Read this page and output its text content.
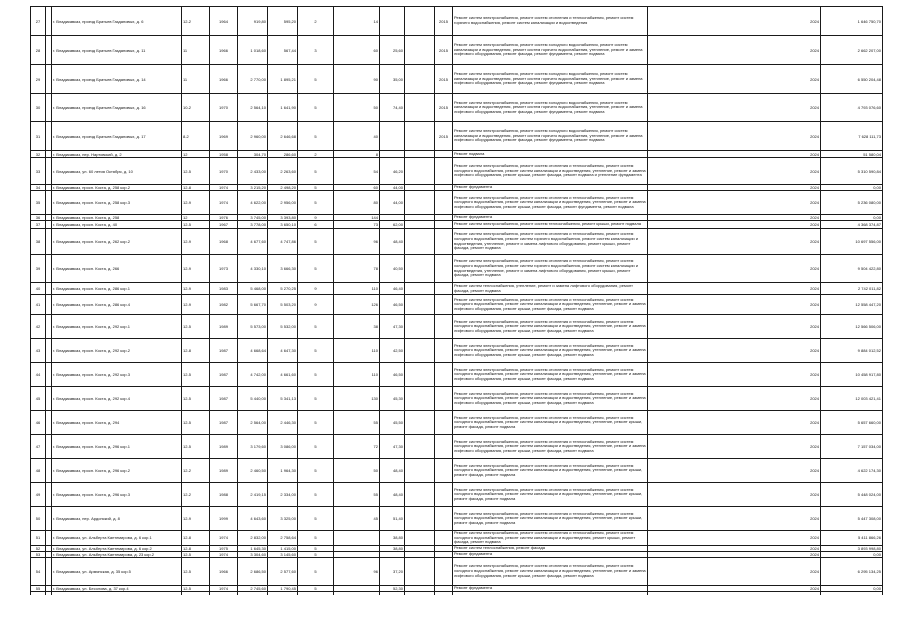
27		г. Владикавказ, проезд Братьев Газдановых, д. 6	12-2	1964	919,80	595,20	2	14			2015	Ремонт систем электроснабжения, ремонт систем отопления и теплоснабжения, ремонт систем горячего водоснабжения, ремонт систем канализации и водоотведения	2024	1 646 750,70
28		г. Владикавказ, проезд Братьев Газдановых, д. 11	11	1966	1 018,60	567,44	3	60	25,60		2015	Ремонт систем электроснабжения, ремонт систем холодного водоснабжения, ремонт систем канализации и водоотведения, ремонт систем горячего водоснабжения, утепление, ремонт и замена лифтового оборудования, ремонт фасада, ремонт фундамента, ремонт подвала	2024	2 662 207,00
29		г. Владикавказ, проезд Братьев Газдановых, д. 14	11	1966	2 770,00	1 895,21	5	90	35,00		2015	Ремонт систем электроснабжения, ремонт систем холодного водоснабжения, ремонт систем канализации и водоотведения, ремонт систем горячего водоснабжения, утепление, ремонт и замена лифтового оборудования, ремонт фасада, ремонт фундамента, ремонт подвала	2024	6 550 204,48
30		г. Владикавказ, проезд Братьев Газдановых, д. 16	10-2	1970	2 564,10	1 641,90	5	50	74,40		2015	Ремонт систем электроснабжения, ремонт систем холодного водоснабжения, ремонт систем канализации и водоотведения, ремонт систем горячего водоснабжения, утепление, ремонт и замена лифтового оборудования, ремонт фасада, ремонт фундамента, ремонт подвала	2024	4 793 076,60
31		г. Владикавказ, проезд Братьев Газдановых, д. 17	8-2	1969	2 960,00	2 646,68	5	40			2015	Ремонт систем электроснабжения, ремонт систем холодного водоснабжения, ремонт систем канализации и водоотведения, ремонт систем горячего водоснабжения, утепление, ремонт и замена лифтового оборудования, ремонт фасада, ремонт фундамента, ремонт подвала	2024	7 628 111,73
32		г. Владикавказ, пер. Нартовский, д. 2	12	1958	304,70	286,60	2	8				Ремонт подвала	2024	51 580,04
33		г. Владикавказ, ул. 60 летия Октября, д. 10	12-5	1970	2 433,00	2 263,60	5	54	46,20			Ремонт систем электроснабжения, ремонт систем отопления и теплоснабжения, ремонт систем холодного водоснабжения, ремонт систем канализации и водоотведения, утепление, ремонт и замена лифтового оборудования, ремонт крыши, ремонт фасада, ремонт подвала и утепление фундамента	2024	5 310 590,84
34		г. Владикавказ, просп. Коста, д. 258 кор.2	12-8	1974	3 215,20	2 498,20	5	60	44,00			Ремонт фундамента	2024	0,00
35		г. Владикавказ, просп. Коста, д. 258 кор.3	12-9	1974	4 622,00	2 956,00	5	80	44,00			Ремонт систем электроснабжения, ремонт систем отопления и теплоснабжения, ремонт систем холодного водоснабжения, ремонт систем канализации и водоотведения, утепление, ремонт и замена лифтового оборудования, ремонт крыши, ремонт фасада, ремонт фундамента, ремонт подвала	2024	5 236 080,00
36		г. Владикавказ, просп. Коста, д. 258	12	1976	3 745,00	3 393,80	9	144				Ремонт фундамента	2024	0,00
37		г. Владикавказ, просп. Коста, д. 40	12-5	1967	3 778,00	3 650,10	6	73	62,00			Ремонт систем электроснабжения, ремонт систем теплоснабжения, ремонт крыши, ремонт подвала	2024	4 368 374,87
38		г. Владикавказ, просп. Коста, д. 262 кор.2	12-9	1968	4 677,60	4 747,86	5	96	48,40			Ремонт систем электроснабжения, ремонт систем отопления и теплоснабжения, ремонт систем холодного водоснабжения, ремонт систем горячего водоснабжения, ремонт систем канализации и водоотведения, утепление, ремонт и замена лифтового оборудования, ремонт крыши, ремонт фасада, ремонт подвала	2024	10 697 556,00
39		г. Владикавказ, просп. Коста, д. 266	12-9	1973	4 330,10	3 666,30	5	78	40,50			Ремонт систем электроснабжения, ремонт систем отопления и теплоснабжения, ремонт систем холодного водоснабжения, ремонт систем горячего водоснабжения, ремонт систем канализации и водоотведения, утепление, ремонт и замена лифтового оборудования, ремонт крыши, ремонт фасада, ремонт подвала	2024	9 504 422,80
40		г. Владикавказ, просп. Коста, д. 286 кор.1	12-9	1983	5 468,00	5 270,25	9	110	46,40			Ремонт систем теплоснабжения, утепление, ремонт и замена лифтового оборудования, ремонт фасада, ремонт подвала	2024	2 742 011,82
41		г. Владикавказ, просп. Коста, д. 286 кор.4	12-9	1982	5 667,70	5 503,20	9	126	46,50			Ремонт систем электроснабжения, ремонт систем отопления и теплоснабжения, ремонт систем холодного водоснабжения, ремонт систем канализации и водоотведения, утепление, ремонт и замена лифтового оборудования, ремонт крыши, ремонт фасада, ремонт подвала	2024	12 558 447,20
42		г. Владикавказ, просп. Коста, д. 292 кор.1	12-5	1989	5 573,00	5 532,00	5	38	47,30			Ремонт систем электроснабжения, ремонт систем отопления и теплоснабжения, ремонт систем холодного водоснабжения, ремонт систем канализации и водоотведения, утепление, ремонт и замена лифтового оборудования, ремонт крыши, ремонт фасада, ремонт подвала	2024	12 566 506,00
43		г. Владикавказ, просп. Коста, д. 292 кор.2	12-8	1987	4 668,64	4 647,30	5	110	42,50			Ремонт систем электроснабжения, ремонт систем отопления и теплоснабжения, ремонт систем холодного водоснабжения, ремонт систем канализации и водоотведения, утепление, ремонт и замена лифтового оборудования, ремонт крыши, ремонт фасада, ремонт подвала	2024	9 884 012,52
44		г. Владикавказ, просп. Коста, д. 292 кор.3	12-5	1987	4 742,00	4 661,60	5	110	46,50			Ремонт систем электроснабжения, ремонт систем отопления и теплоснабжения, ремонт систем холодного водоснабжения, ремонт систем канализации и водоотведения, утепление, ремонт и замена лифтового оборудования, ремонт крыши, ремонт фасада, ремонт подвала	2024	10 458 917,80
45		г. Владикавказ, просп. Коста, д. 292 кор.4	12-5	1987	5 440,00	5 341,13	5	130	45,30			Ремонт систем электроснабжения, ремонт систем отопления и теплоснабжения, ремонт систем холодного водоснабжения, ремонт систем канализации и водоотведения, утепление, ремонт и замена лифтового оборудования, ремонт крыши, ремонт фасада, ремонт подвала	2024	12 003 421,41
46		г. Владикавказ, просп. Коста, д. 294	12-5	1987	2 564,00	2 446,30	5	55	45,50			Ремонт систем электроснабжения, ремонт систем отопления и теплоснабжения, ремонт систем холодного водоснабжения, ремонт систем канализации и водоотведения, утепление, ремонт крыши, ремонт фасада, ремонт подвала	2024	5 657 660,00
47		г. Владикавказ, просп. Коста, д. 296 кор.1	12-5	1989	3 179,60	3 086,00	5	72	47,30			Ремонт систем электроснабжения, ремонт систем отопления и теплоснабжения, ремонт систем холодного водоснабжения, ремонт систем канализации и водоотведения, утепление, ремонт и замена лифтового оборудования, ремонт крыши, ремонт фасада, ремонт подвала	2024	7 157 034,00
48		г. Владикавказ, просп. Коста, д. 296 кор.2	12-2	1989	2 460,50	1 964,30	5	50	48,40			Ремонт систем электроснабжения, ремонт систем отопления и теплоснабжения, ремонт систем холодного водоснабжения, ремонт систем канализации и водоотведения, утепление, ремонт крыши, ремонт фасада, ремонт подвала	2024	4 622 174,30
49		г. Владикавказ, просп. Коста, д. 296 кор.3	12-2	1988	2 419,15	2 334,00	5	55	48,40			Ремонт систем электроснабжения, ремонт систем отопления и теплоснабжения, ремонт систем холодного водоснабжения, ремонт систем канализации и водоотведения, утепление, ремонт крыши, ремонт фасада, ремонт подвала	2024	5 448 024,00
50		г. Владикавказ, пер. Ардонский, д. 8	12-9	1999	4 643,60	3 325,00	5	45	51,40			Ремонт систем электроснабжения, ремонт систем отопления и теплоснабжения, ремонт систем холодного водоснабжения, ремонт систем канализации и водоотведения, утепление, ремонт крыши, ремонт фасада, ремонт подвала	2024	5 447 308,00
51		г. Владикавказ, ул. Альберта Кантемирова, д. 6 кор.1	12-8	1974	2 832,00	2 758,64	5		38,80			Ремонт систем электроснабжения, ремонт систем отопления и теплоснабжения, ремонт систем холодного водоснабжения, ремонт систем канализации и водоотведения, ремонт крыши, ремонт фасада, ремонт подвала	2024	5 411 866,26
52		г. Владикавказ, ул. Альберта Кантемирова, д. 6 кор.2	12-8	1975	1 645,30	1 415,00	5		38,80			Ремонт систем теплоснабжения, ремонт фасада	2024	3 893 998,80
53		г. Владикавказ, ул. Альберта Кантемирова, д. 23 кор.2	12-5	1974	3 304,60	3 145,60	5					Ремонт фундамента	2024	0,00
54		г. Владикавказ, ул. Армянская, д. 35 кор.5	12-5	1966	2 686,50	2 577,60	5	96	37,20			Ремонт систем электроснабжения, ремонт систем отопления и теплоснабжения, ремонт систем холодного водоснабжения, ремонт систем канализации и водоотведения, утепление, ремонт и замена лифтового оборудования, ремонт крыши, ремонт фасада, ремонт подвала	2024	6 295 134,25
55		г. Владикавказ, ул. Бесолова, д. 37 кор.4	12-5	1974	2 745,60	1 790,45	5		52,30			Ремонт фундамента	2024	0,00
